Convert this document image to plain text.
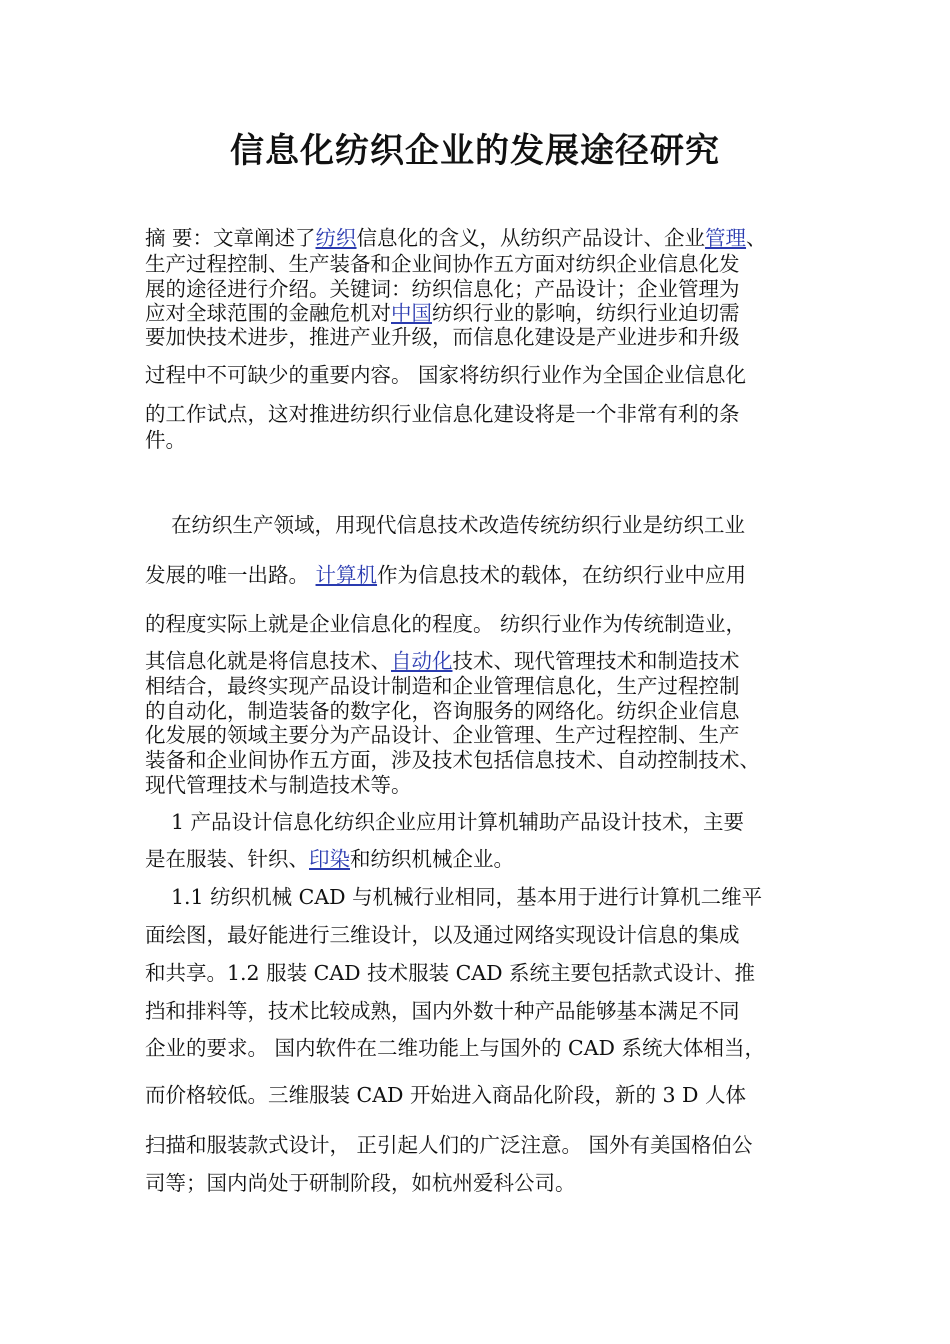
信息化纺织企业的发展途径研究
摘 要：文章阐述了纺织信息化的含义，从纺织产品设计、企业管理、
生产过程控制、生产装备和企业间协作五方面对纺织企业信息化发
展的途径进行介绍。关键词：纺织信息化；产品设计；企业管理为
应对全球范围的金融危机对中国纺织行业的影响，纺织行业迫切需
要加快技术进步，推进产业升级，而信息化建设是产业进步和升级
过程中不可缺少的重要内容。 国家将纺织行业作为全国企业信息化
的工作试点，这对推进纺织行业信息化建设将是一个非常有利的条
件。
在纺织生产领域，用现代信息技术改造传统纺织行业是纺织工业
发展的唯一出路。 计算机作为信息技术的载体，在纺织行业中应用
的程度实际上就是企业信息化的程度。 纺织行业作为传统制造业，
其信息化就是将信息技术、自动化技术、现代管理技术和制造技术
相结合，最终实现产品设计制造和企业管理信息化，生产过程控制
的自动化，制造装备的数字化，咨询服务的网络化。纺织企业信息
化发展的领域主要分为产品设计、企业管理、生产过程控制、生产
装备和企业间协作五方面，涉及技术包括信息技术、自动控制技术、
现代管理技术与制造技术等。
1 产品设计信息化纺织企业应用计算机辅助产品设计技术，主要
是在服装、针织、印染和纺织机械企业。
1.1 纺织机械 CAD 与机械行业相同，基本用于进行计算机二维平
面绘图，最好能进行三维设计，以及通过网络实现设计信息的集成
和共享。1.2 服装 CAD 技术服装 CAD 系统主要包括款式设计、推
挡和排料等，技术比较成熟，国内外数十种产品能够基本满足不同
企业的要求。 国内软件在二维功能上与国外的 CAD 系统大体相当，
而价格较低。三维服装 CAD 开始进入商品化阶段，新的 3 D 人体
扫描和服装款式设计， 正引起人们的广泛注意。 国外有美国格伯公
司等；国内尚处于研制阶段，如杭州爱科公司。
